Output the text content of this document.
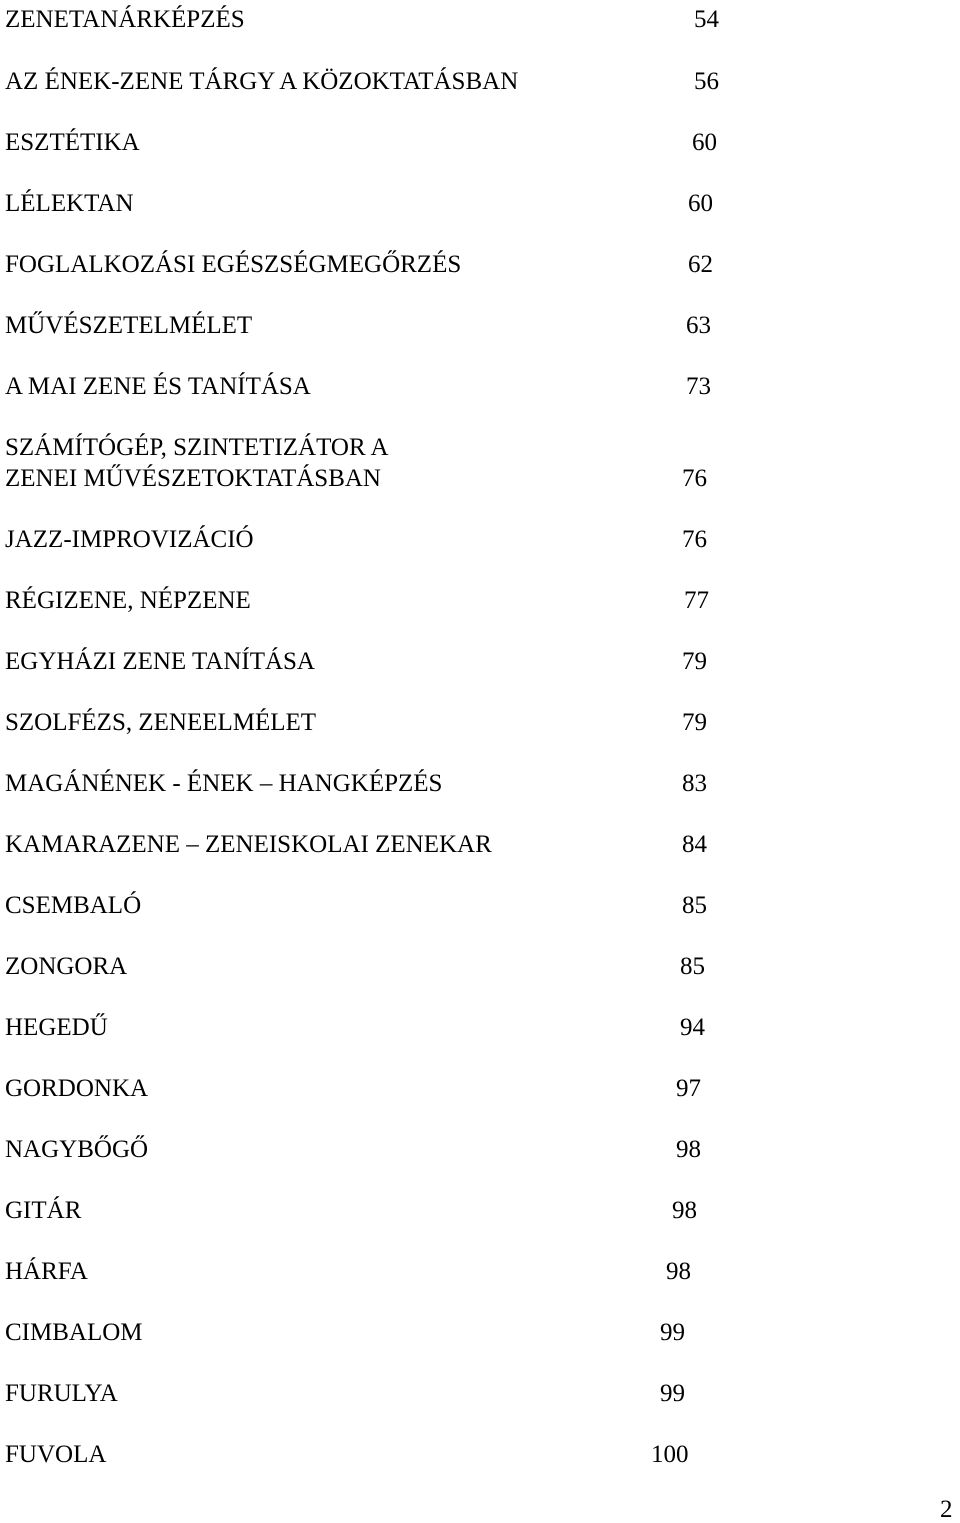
ZENETANÁRKÉPZÉS	54
AZ ÉNEK-ZENE TÁRGY A KÖZOKTATÁSBAN	56
ESZTÉTIKA	60
LÉLEKTAN	60
FOGLALKOZÁSI EGÉSZSÉGMEGŐRZÉS	62
MŰVÉSZETELMÉLET	63
A MAI ZENE ÉS TANÍTÁSA	73
SZÁMÍTÓGÉP, SZINTETIZÁTOR A
ZENEI MŰVÉSZETOKTATÁSBAN	76
JAZZ-IMPROVIZÁCIÓ	76
RÉGIZENE, NÉPZENE	77
EGYHÁZI ZENE TANÍTÁSA	79
SZOLFÉZS, ZENEELMÉLET	79
MAGÁNÉNEK - ÉNEK – HANGKÉPZÉS	83
KAMARAZENE – ZENEISKOLAI ZENEKAR	84
CSEMBALÓ	85
ZONGORA	85
HEGEDŰ	94
GORDONKA	97
NAGYBŐGŐ	98
GITÁR	98
HÁRFA	98
CIMBALOM	99
FURULYA	99
FUVOLA	100
2
